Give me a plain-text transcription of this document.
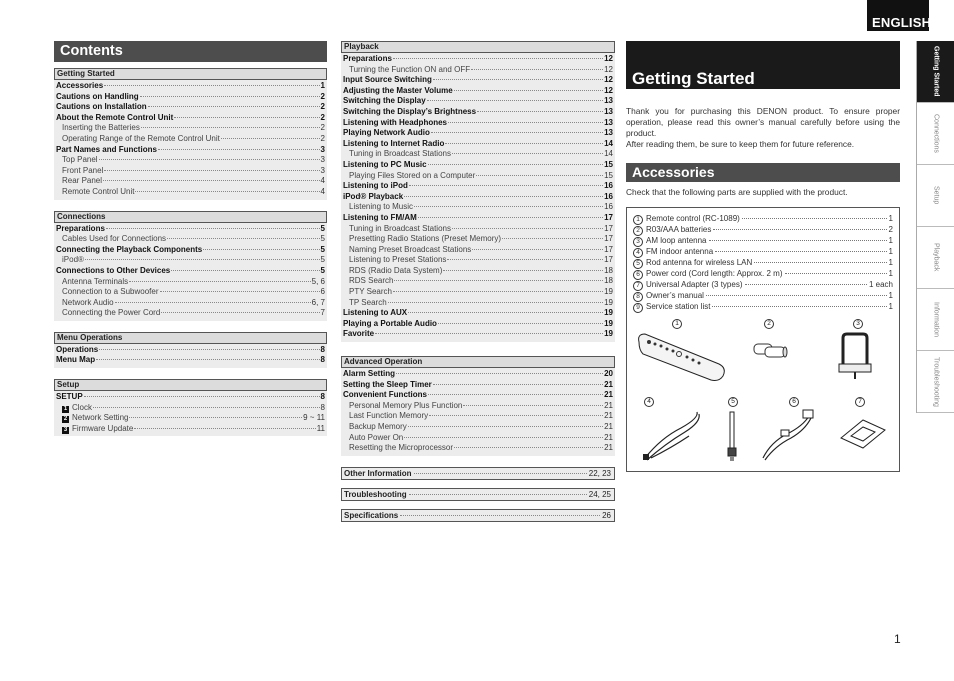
ENGLISH
Contents
Getting Started
Accessories	1
Cautions on Handling	2
Cautions on Installation	2
About the Remote Control Unit	2
Inserting the Batteries	2
Operating Range of the Remote Control Unit	2
Part Names and Functions	3
Top Panel	3
Front Panel	3
Rear Panel	4
Remote Control Unit	4
Connections
Preparations	5
Cables Used for Connections	5
Connecting the Playback Components	5
iPod®	5
Connections to Other Devices	5
Antenna Terminals	5, 6
Connection to a Subwoofer	6
Network Audio	6, 7
Connecting the Power Cord	7
Menu Operations
Operations	8
Menu Map	8
Setup
SETUP	8
1 Clock	8
2 Network Setting	9 ~ 11
3 Firmware Update	11
Playback
Preparations	12
Turning the Function ON and OFF	12
Input Source Switching	12
Adjusting the Master Volume	12
Switching the Display	13
Switching the Display’s Brightness	13
Listening with Headphones	13
Playing Network Audio	13
Listening to Internet Radio	14
Tuning in Broadcast Stations	14
Listening to PC Music	15
Playing Files Stored on a Computer	15
Listening to iPod	16
iPod® Playback	16
Listening to Music	16
Listening to FM/AM	17
Tuning in Broadcast Stations	17
Presetting Radio Stations (Preset Memory)	17
Naming Preset Broadcast Stations	17
Listening to Preset Stations	17
RDS (Radio Data System)	18
RDS Search	18
PTY Search	19
TP Search	19
Listening to AUX	19
Playing a Portable Audio	19
Favorite	19
Advanced Operation
Alarm Setting	20
Setting the Sleep Timer	21
Convenient Functions	21
Personal Memory Plus Function	21
Last Function Memory	21
Backup Memory	21
Auto Power On	21
Resetting the Microprocessor	21
Other Information	22, 23
Troubleshooting	24, 25
Specifications	26
Getting Started

Thank you for purchasing this DENON product. To ensure proper operation, please read this owner’s manual carefully before using the product.

After reading them, be sure to keep them for future reference.

Accessories

Check that the following parts are supplied with the product.

1 Remote control (RC-1089)	1
2 R03/AAA batteries	2
3 AM loop antenna	1
4 FM indoor antenna	1
5 Rod antenna for wireless LAN	1
6 Power cord (Cord length: Approx. 2 m)	1
7 Universal Adapter (3 types)	1 each
8 Owner’s manual	1
9 Service station list	1
1	2	3
4	5	6	7
Getting Started
Connections
Setup
Playback
Information
Troubleshooting
1
